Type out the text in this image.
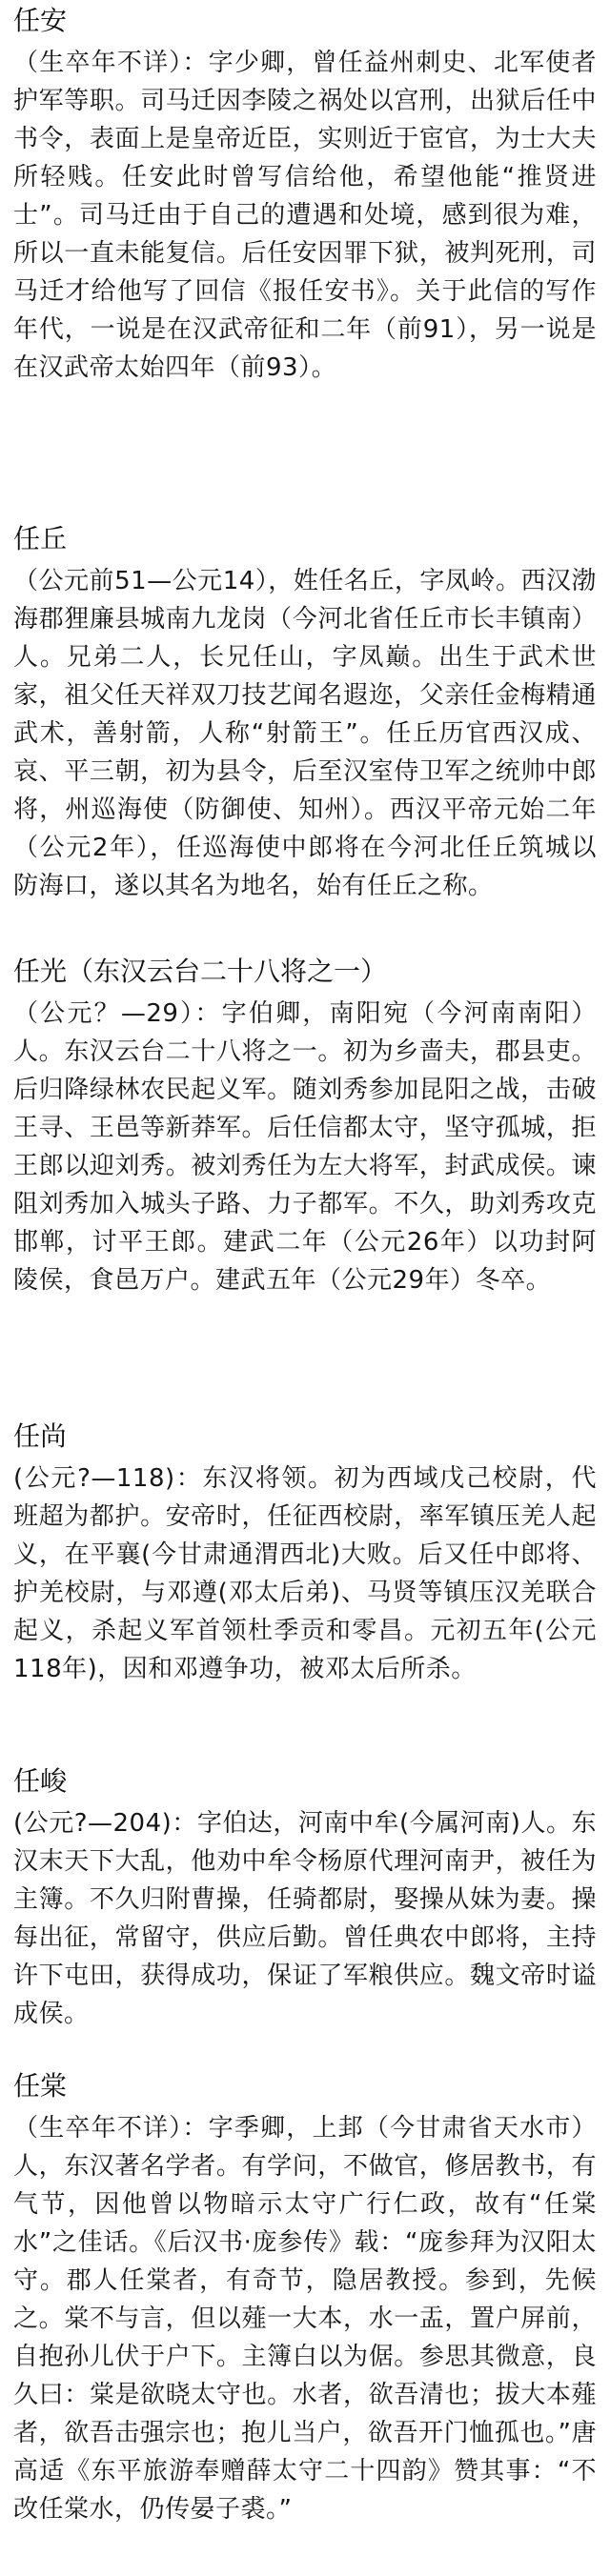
任安

（生卒年不详）：字少卿，曾任益州刺史、北军使者护军等职。司马迁因李陵之祸处以宫刑，出狱后任中书令，表面上是皇帝近臣，实则近于宦官，为士大夫所轻贱。任安此时曾写信给他，希望他能“推贤进士”。司马迁由于自己的遭遇和处境，感到很为难，所以一直未能复信。后任安因罪下狱，被判死刑，司马迁才给他写了回信《报任安书》。关于此信的写作年代，一说是在汉武帝征和二年（前91），另一说是在汉武帝太始四年（前93）。

任丘

（公元前51—公元14），姓任名丘，字凤岭。西汉渤海郡狸廉县城南九龙岗（今河北省任丘市长丰镇南）人。兄弟二人，长兄任山，字凤巅。出生于武术世家，祖父任天祥双刀技艺闻名遐迩，父亲任金梅精通武术，善射箭，人称“射箭王”。任丘历官西汉成、哀、平三朝，初为县令，后至汉室侍卫军之统帅中郎将，州巡海使（防御使、知州）。西汉平帝元始二年（公元2年），任巡海使中郎将在今河北任丘筑城以防海口，遂以其名为地名，始有任丘之称。

任光（东汉云台二十八将之一）

（公元？—29）：字伯卿，南阳宛（今河南南阳）人。东汉云台二十八将之一。初为乡啬夫，郡县吏。后归降绿林农民起义军。随刘秀参加昆阳之战，击破王寻、王邑等新莽军。后任信都太守，坚守孤城，拒王郎以迎刘秀。被刘秀任为左大将军，封武成侯。谏阻刘秀加入城头子路、力子都军。不久，助刘秀攻克邯郸，讨平王郎。建武二年（公元26年）以功封阿陵侯，食邑万户。建武五年（公元29年）冬卒。

任尚

(公元?—118)：东汉将领。初为西域戊己校尉，代班超为都护。安帝时，任征西校尉，率军镇压羌人起义，在平襄(今甘肃通渭西北)大败。后又任中郎将、护羌校尉，与邓遵(邓太后弟)、马贤等镇压汉羌联合起义，杀起义军首领杜季贡和零昌。元初五年(公元118年)，因和邓遵争功，被邓太后所杀。

任峻

(公元?—204)：字伯达，河南中牟(今属河南)人。东汉末天下大乱，他劝中牟令杨原代理河南尹，被任为主簿。不久归附曹操，任骑都尉，娶操从妹为妻。操每出征，常留守，供应后勤。曾任典农中郎将，主持许下屯田，获得成功，保证了军粮供应。魏文帝时谥成侯。

任棠

（生卒年不详）：字季卿，上邽（今甘肃省天水市）人，东汉著名学者。有学问，不做官，修居教书，有气节，因他曾以物暗示太守广行仁政，故有“任棠水”之佳话。《后汉书·庞参传》载：“庞参拜为汉阳太守。郡人任棠者，有奇节，隐居教授。参到，先候之。棠不与言，但以薤一大本，水一盂，置户屏前，自抱孙儿伏于户下。主簿白以为倨。参思其微意，良久曰：棠是欲晓太守也。水者，欲吾清也；拔大本薤者，欲吾击强宗也；抱儿当户，欲吾开门恤孤也。”唐高适《东平旅游奉赠薛太守二十四韵》赞其事：“不改任棠水，仍传晏子裘。”
